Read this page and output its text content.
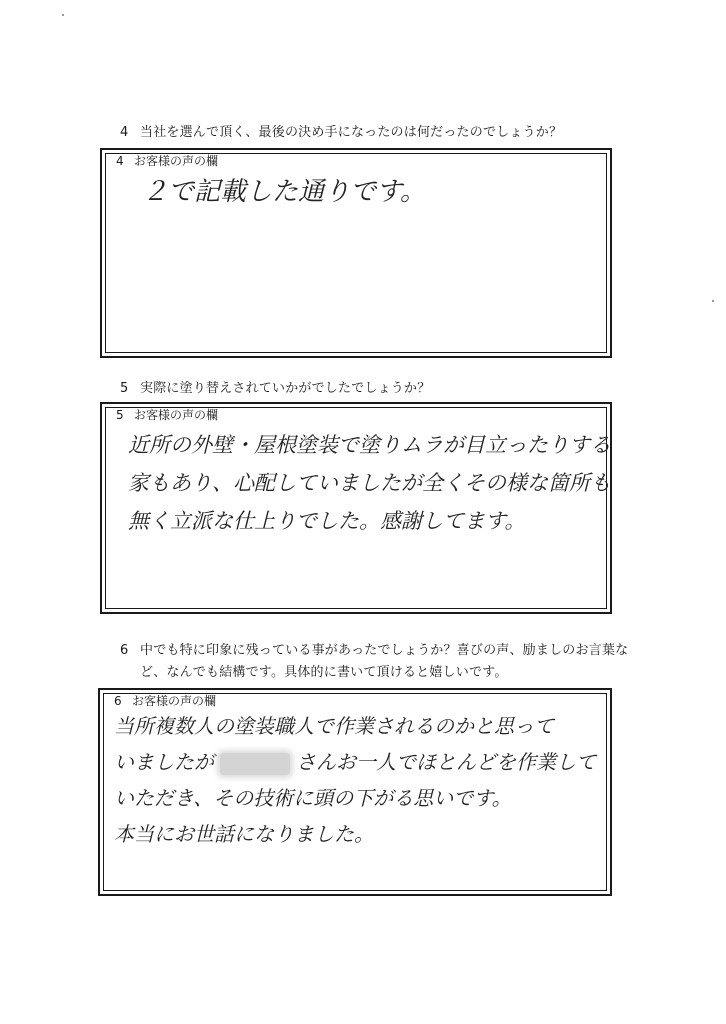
4 当社を選んで頂く、最後の決め手になったのは何だったのでしょうか？
4 お客様の声の欄
２で記載した通りです。
5 実際に塗り替えされていかがでしたでしょうか？
5 お客様の声の欄
近所の外壁・屋根塗装で塗りムラが目立ったりする
家もあり、心配していましたが全くその様な箇所も
無く立派な仕上りでした。感謝してます。
6 中でも特に印象に残っている事があったでしょうか？喜びの声、励ましのお言葉な
ど、なんでも結構です。具体的に書いて頂けると嬉しいです。
6 お客様の声の欄
当所複数人の塗装職人で作業されるのかと思って
いましたが	さんお一人でほとんどを作業して
いただき、その技術に頭の下がる思いです。
本当にお世話になりました。
